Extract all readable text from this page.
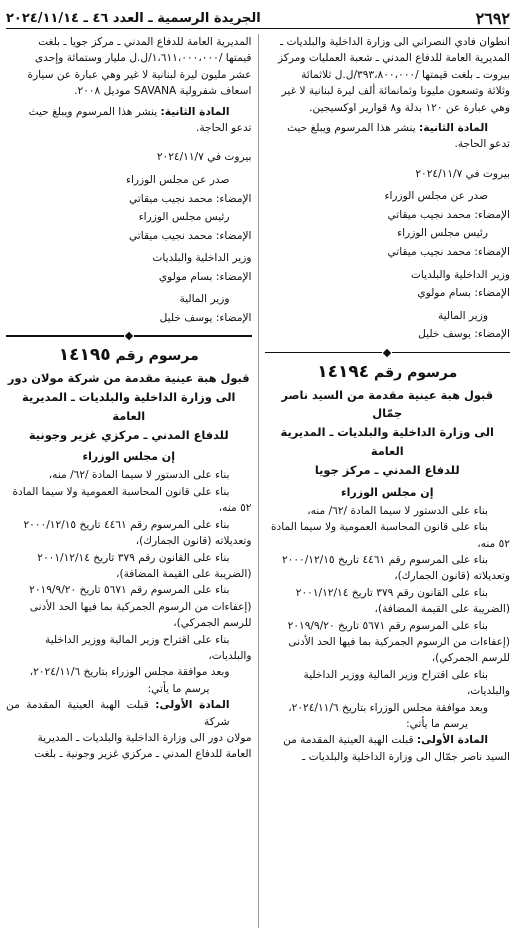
٢٦٩٢
الجريدة الرسمية ـ العدد ٤٦ ـ ٢٠٢٤/١١/١٤

انطوان فادي النصراني الى وزارة الداخلية والبلديات ـ
المديرية العامة للدفاع المدني ـ شعبة العمليات ومركز
بيروت ـ بلغت قيمتها /٣٩٣،٨٠٠،٠٠٠/ل.ل ثلاثمائة
وثلاثة وتسعون مليونا وثمانمائة ألف ليرة لبنانية لا غير
وهي عبارة عن ١٢٠ بدلة و٨ قوارير اوكسيجين.

المادة الثانية: ينشر هذا المرسوم ويبلغ حيث

تدعو الحاجة.

بيروت في ٢٠٢٤/١١/٧

صدر عن مجلس الوزراء

الإمضاء: محمد نجيب ميقاتي

رئيس مجلس الوزراء

الإمضاء: محمد نجيب ميقاتي

وزير الداخلية والبلديات

الإمضاء: بسام مولوي

وزير المالية

الإمضاء: يوسف خليل

مرسوم رقم ١٤١٩٤
قبول هبة عينية مقدمة من السيد ناصر جمّال
الى وزارة الداخلية والبلديات ـ المديرية العامة
للدفاع المدني ـ مركز جويا
إن مجلس الوزراء

بناء على الدستور لا سيما المادة /٦٢/ منه،

بناء على قانون المحاسبة العمومية ولا سيما المادة

٥٢ منه،

بناء على المرسوم رقم ٤٤٦١ تاريخ ٢٠٠٠/١٢/١٥

وتعديلاته (قانون الجمارك)،

بناء على القانون رقم ٣٧٩ تاريخ ٢٠٠١/١٢/١٤

(الضريبة على القيمة المضافة)،

بناء على المرسوم رقم ٥٦٧١ تاريخ ٢٠١٩/٩/٢٠

(إعفاءات من الرسوم الجمركية بما فيها الحد الأدنى

للرسم الجمركي)،

بناء على اقتراح وزير المالية ووزير الداخلية

والبلديات،

وبعد موافقة مجلس الوزراء بتاريخ ٢٠٢٤/١١/٦،

يرسم ما يأتي:

المادة الأولى: قبلت الهبة العينية المقدمة من

السيد ناصر جمّال الى وزارة الداخلية والبلديات ـ

المديرية العامة للدفاع المدني ـ مركز جويا ـ بلغت
قيمتها /١،٦١١،٠٠٠،٠٠٠/ل.ل مليار وستمائة وإحدى
عشر مليون ليرة لبنانية لا غير وهي عبارة عن سيارة
اسعاف شفرولية SAVANA موديل ٢٠٠٨.

المادة الثانية: ينشر هذا المرسوم ويبلغ حيث

تدعو الحاجة.

بيروت في ٢٠٢٤/١١/٧

صدر عن مجلس الوزراء

الإمضاء: محمد نجيب ميقاتي

رئيس مجلس الوزراء

الإمضاء: محمد نجيب ميقاتي

وزير الداخلية والبلديات

الإمضاء: بسام مولوي

وزير المالية

الإمضاء: يوسف خليل

مرسوم رقم ١٤١٩٥
قبول هبة عينية مقدمة من شركة مولان دور
الى وزارة الداخلية والبلديات ـ المديرية العامة
للدفاع المدني ـ مركزي غزير وجونية
إن مجلس الوزراء

بناء على الدستور لا سيما المادة /٦٢/ منه،

بناء على قانون المحاسبة العمومية ولا سيما المادة

٥٢ منه،

بناء على المرسوم رقم ٤٤٦١ تاريخ ٢٠٠٠/١٢/١٥

وتعديلاته (قانون الجمارك)،

بناء على القانون رقم ٣٧٩ تاريخ ٢٠٠١/١٢/١٤

(الضريبة على القيمة المضافة)،

بناء على المرسوم رقم ٥٦٧١ تاريخ ٢٠١٩/٩/٢٠

(إعفاءات من الرسوم الجمركية بما فيها الحد الأدنى

للرسم الجمركي)،

بناء على اقتراح وزير المالية ووزير الداخلية

والبلديات،

وبعد موافقة مجلس الوزراء بتاريخ ٢٠٢٤/١١/٦،

يرسم ما يأتي:

المادة الأولى: قبلت الهبة العينية المقدمة من شركة

مولان دور الى وزارة الداخلية والبلديات ـ المديرية

العامة للدفاع المدني ـ مركزي غزير وجونية ـ بلغت
